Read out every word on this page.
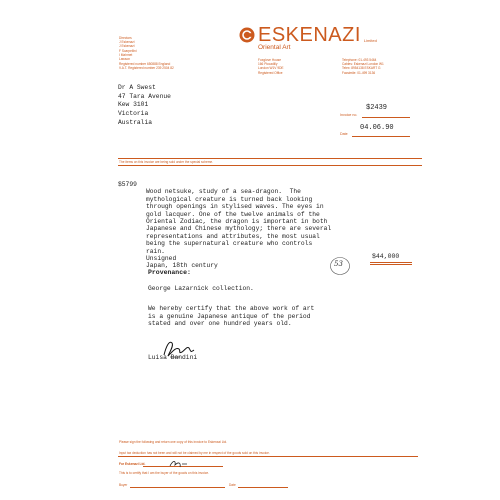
Directors
J Eskenazi
J Eskenazi
F Scarpellini
I Mahmet
Lawson
Registered number 650888 England
V.A.T. Registered number 239 2504 82
ESKENAZI Limited
Oriental Art
Foxglove House
166 Piccadilly
London W1V 9DE
Registered Office
Telephone: 01-493 5464
Cables: Eskenazi London W1
Telex: 8954138 ESKART G
Facsimile: 01-499 3136
Dr A Swest
47 Tara Avenue
Kew 3101
Victoria
Australia
Invoice no.
$2439
Date
04.06.90
The items on this invoice are being sold under the special scheme.
$5799

Wood netsuke, study of a sea-dragon.  The
mythological creature is turned back looking
through openings in stylised waves. The eyes in
gold lacquer. One of the twelve animals of the
Oriental Zodiac, the dragon is important in both
Japanese and Chinese mythology; there are several
representations and attributes, the most usual
being the supernatural creature who controls
rain.
Unsigned
Japan, 18th century

$44,000
53
Provenance:
George Lazarnick collection.
We hereby certify that the above work of art
is a genuine Japanese antique of the period
stated and over one hundred years old.
Luisa Bandini
Please sign the following and return one copy of this invoice to Eskenazi Ltd.
Input tax deduction has not been and will not be claimed by me in respect of the goods sold on this invoice.
For Eskenazi Ltd.
This is to certify that I am the buyer of the goods on this invoice.
Buyer	Date
